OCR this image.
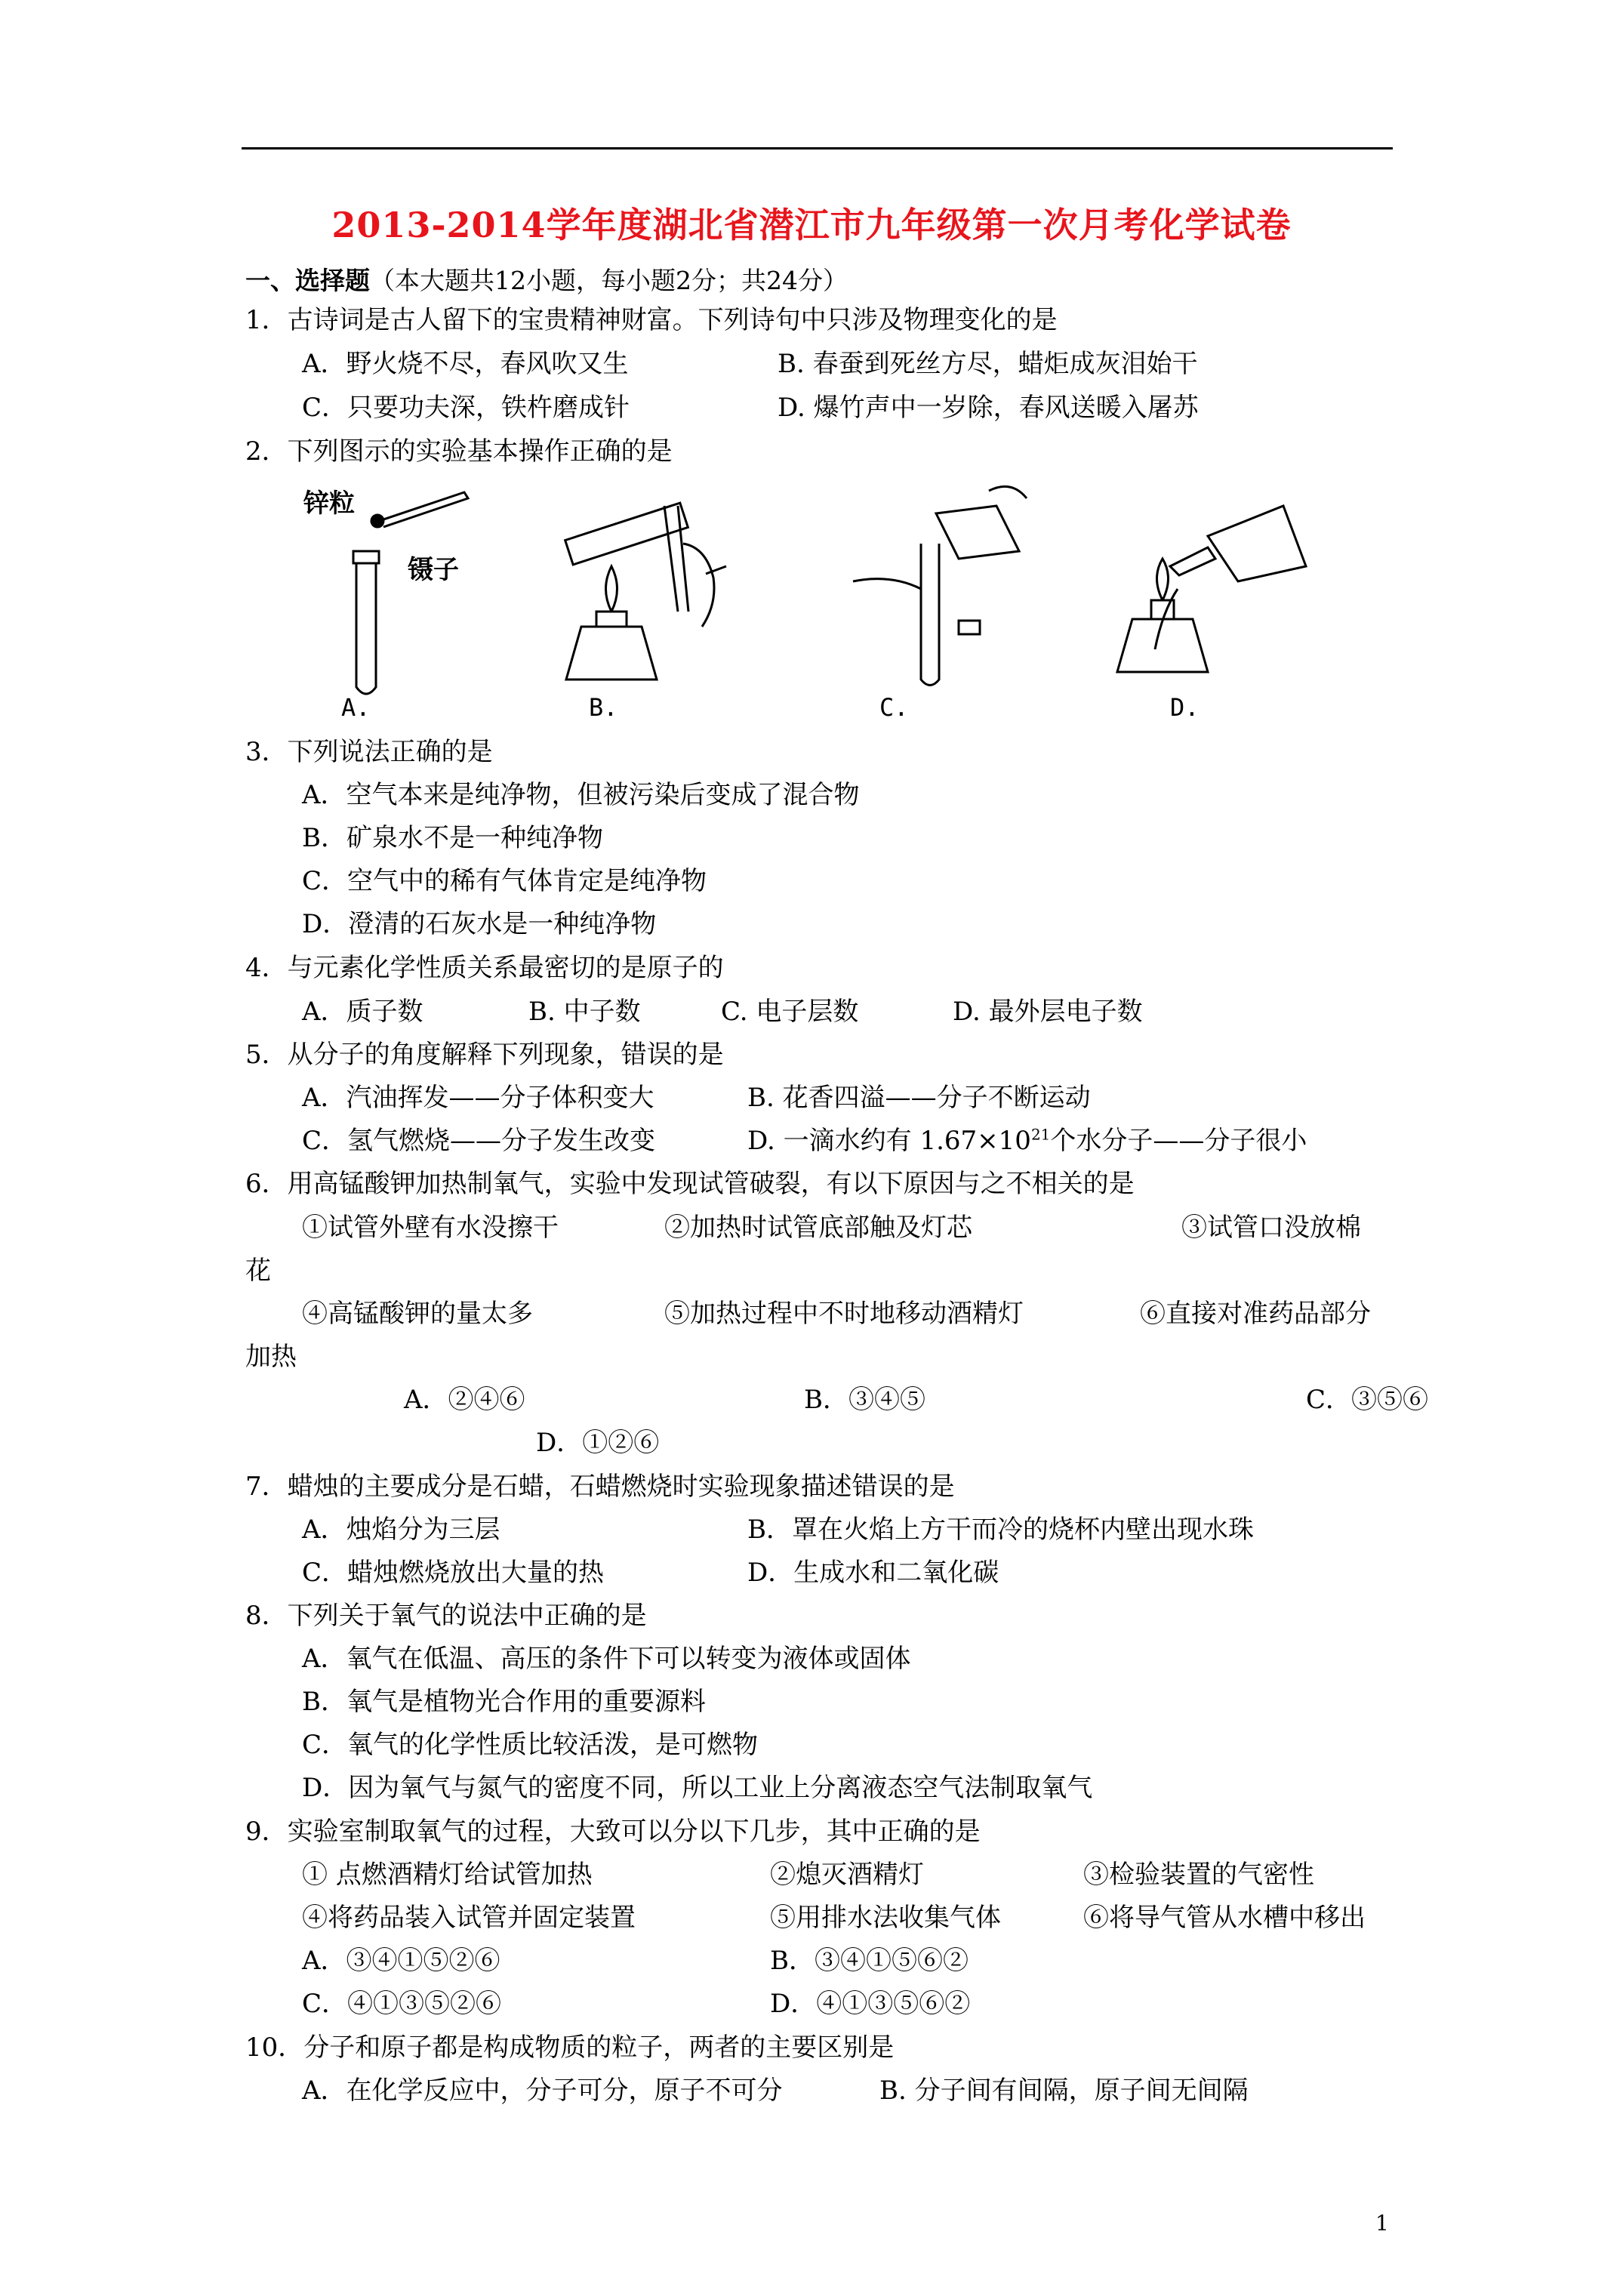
2013-2014学年度湖北省潜江市九年级第一次月考化学试卷
一、选择题（本大题共12小题，每小题2分；共24分）
1．古诗词是古人留下的宝贵精神财富。下列诗句中只涉及物理变化的是
A．野火烧不尽，春风吹又生	B. 春蚕到死丝方尽，蜡炬成灰泪始干
C．只要功夫深，铁杵磨成针	D. 爆竹声中一岁除，春风送暖入屠苏
2．下列图示的实验基本操作正确的是
锌粒
镊子
A.	B.	C.	D.
3．下列说法正确的是
A．空气本来是纯净物，但被污染后变成了混合物
B．矿泉水不是一种纯净物
C．空气中的稀有气体肯定是纯净物
D．澄清的石灰水是一种纯净物
4．与元素化学性质关系最密切的是原子的
A．质子数	B. 中子数	C. 电子层数	D. 最外层电子数
5．从分子的角度解释下列现象，错误的是
A．汽油挥发——分子体积变大	B. 花香四溢——分子不断运动
C．氢气燃烧——分子发生改变	D. 一滴水约有 $1.67\times 10^{21}$个水分子——分子很小
6．用高锰酸钾加热制氧气，实验中发现试管破裂，有以下原因与之不相关的是
①试管外壁有水没擦干	②加热时试管底部触及灯芯	③试管口没放棉
花
④高锰酸钾的量太多	⑤加热过程中不时地移动酒精灯	⑥直接对准药品部分
加热
A．②④⑥	B．③④⑤	C．③⑤⑥
D．①②⑥
7．蜡烛的主要成分是石蜡，石蜡燃烧时实验现象描述错误的是
A．烛焰分为三层	B．罩在火焰上方干而冷的烧杯内壁出现水珠
C．蜡烛燃烧放出大量的热	D．生成水和二氧化碳
8．下列关于氧气的说法中正确的是
A．氧气在低温、高压的条件下可以转变为液体或固体
B．氧气是植物光合作用的重要源料
C．氧气的化学性质比较活泼，是可燃物
D．因为氧气与氮气的密度不同，所以工业上分离液态空气法制取氧气
9．实验室制取氧气的过程，大致可以分以下几步，其中正确的是
① 点燃酒精灯给试管加热	②熄灭酒精灯	③检验装置的气密性
④将药品装入试管并固定装置	⑤用排水法收集气体	⑥将导气管从水槽中移出
A．③④①⑤②⑥	B．③④①⑤⑥②
C．④①③⑤②⑥	D．④①③⑤⑥②
10．分子和原子都是构成物质的粒子，两者的主要区别是
A．在化学反应中，分子可分，原子不可分	B. 分子间有间隔，原子间无间隔
1
